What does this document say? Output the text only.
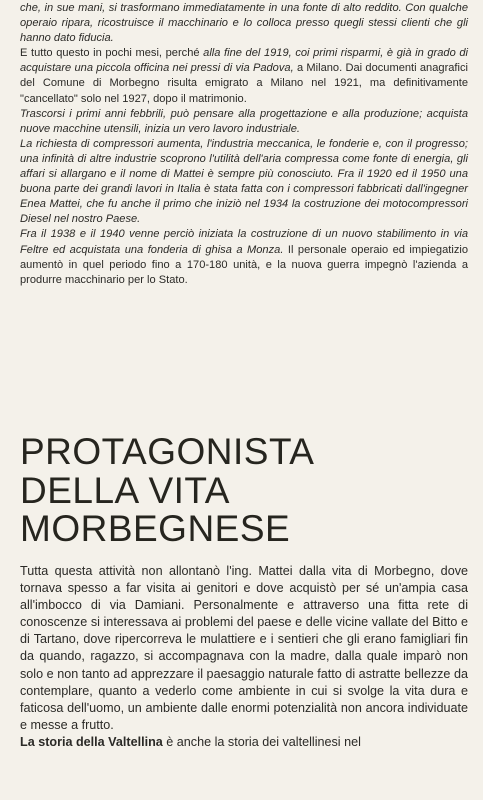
che, in sue mani, si trasformano immediatamente in una fonte di alto reddito. Con qualche operaio ripara, ricostruisce il macchinario e lo colloca presso quegli stessi clienti che gli hanno dato fiducia.

E tutto questo in pochi mesi, perché alla fine del 1919, coi primi risparmi, è già in grado di acquistare una piccola officina nei pressi di via Padova, a Milano. Dai documenti anagrafici del Comune di Morbegno risulta emigrato a Milano nel 1921, ma definitivamente "cancellato" solo nel 1927, dopo il matrimonio.

Trascorsi i primi anni febbrili, può pensare alla progettazione e alla produzione; acquista nuove macchine utensili, inizia un vero lavoro industriale.

La richiesta di compressori aumenta, l'industria meccanica, le fonderie e, con il progresso; una infinità di altre industrie scoprono l'utilità dell'aria compressa come fonte di energia, gli affari si allargano e il nome di Mattei è sempre più conosciuto. Fra il 1920 ed il 1950 una buona parte dei grandi lavori in Italia è stata fatta con i compressori fabbricati dall'ingegner Enea Mattei, che fu anche il primo che iniziò nel 1934 la costruzione dei motocompressori Diesel nel nostro Paese.

Fra il 1938 e il 1940 venne perciò iniziata la costruzione di un nuovo stabilimento in via Feltre ed acquistata una fonderia di ghisa a Monza. Il personale operaio ed impiegatizio aumentò in quel periodo fino a 170-180 unità, e la nuova guerra impegnò l'azienda a produrre macchinario per lo Stato.

PROTAGONISTA
DELLA VITA
MORBEGNESE

Tutta questa attività non allontanò l'ing. Mattei dalla vita di Morbegno, dove tornava spesso a far visita ai genitori e dove acquistò per sé un'ampia casa all'imbocco di via Damiani. Personalmente e attraverso una fitta rete di conoscenze si interessava ai problemi del paese e delle vicine vallate del Bitto e di Tartano, dove ripercorreva le mulattiere e i sentieri che gli erano famigliari fin da quando, ragazzo, si accompagnava con la madre, dalla quale imparò non solo e non tanto ad apprezzare il paesaggio naturale fatto di astratte bellezze da contemplare, quanto a vederlo come ambiente in cui si svolge la vita dura e faticosa dell'uomo, un ambiente dalle enormi potenzialità non ancora individuate e messe a frutto.

La storia della Valtellina è anche la storia dei valtellinesi nel
